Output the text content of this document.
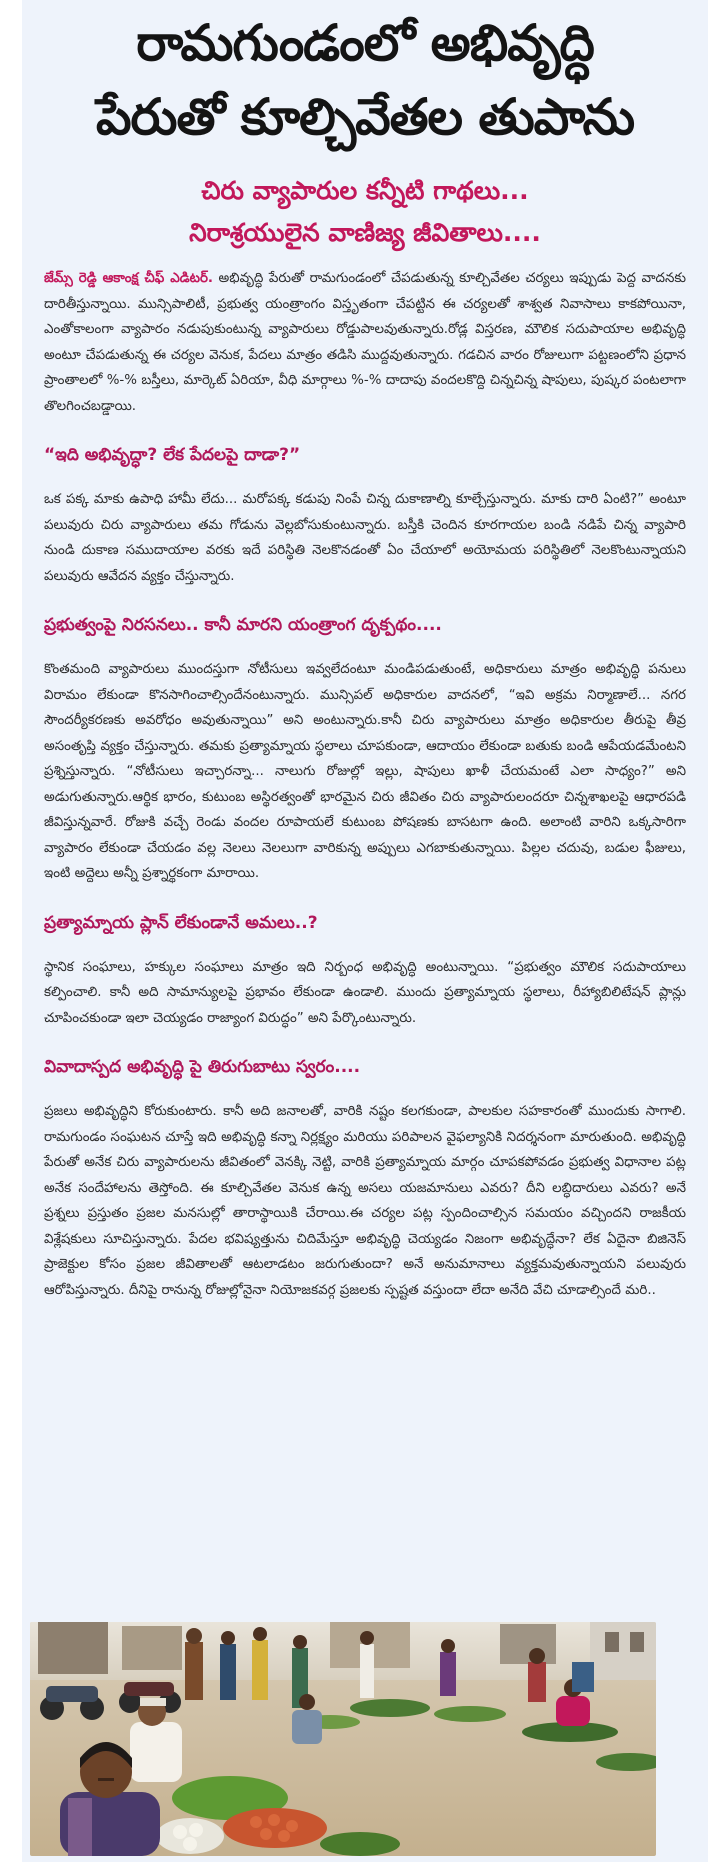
రామగుండంలో అభివృద్ధి
పేరుతో కూల్చివేతల తుపాను
చిరు వ్యాపారుల కన్నీటి గాథలు...
నిరాశ్రయులైన వాణిజ్య జీవితాలు....

జేమ్స్ రెడ్డి ఆకాంక్ష చీఫ్ ఎడిటర్. అభివృద్ధి పేరుతో రామగుండంలో చేపడుతున్న కూల్చివేతల చర్యలు ఇప్పుడు పెద్ద వాదనకు దారితీస్తున్నాయి. మున్సిపాలిటీ, ప్రభుత్వ యంత్రాంగం విస్తృతంగా చేపట్టిన ఈ చర్యలతో శాశ్వత నివాసాలు కాకపోయినా, ఎంతోకాలంగా వ్యాపారం నడుపుకుంటున్న వ్యాపారులు రోడ్డుపాలవుతున్నారు.రోడ్ల విస్తరణ, మౌలిక సదుపాయాల అభివృద్ధి అంటూ చేపడుతున్న ఈ చర్యల వెనుక, పేదలు మాత్రం తడిసి ముద్దవుతున్నారు. గడచిన వారం రోజులుగా పట్టణంలోని ప్రధాన ప్రాంతాలలో %-% బస్తీలు, మార్కెట్ ఏరియా, వీధి మార్గాలు %-% దాదాపు వందలకొద్ది చిన్నచిన్న షాపులు, పుష్కర పంటలాగా తొలగించబడ్డాయి.

“ఇది అభివృద్ధా? లేక పేదలపై దాడా?”

ఒక పక్క మాకు ఉపాధి హామీ లేదు... మరోపక్క కడుపు నింపే చిన్న దుకాణాల్ని కూల్చేస్తున్నారు. మాకు దారి ఏంటి?” అంటూ పలువురు చిరు వ్యాపారులు తమ గోడును వెల్లబోసుకుంటున్నారు. బస్తీకి చెందిన కూరగాయల బండి నడిపే చిన్న వ్యాపారి నుండి దుకాణ సముదాయాల వరకు ఇదే పరిస్థితి నెలకొనడంతో ఏం చేయాలో అయోమయ పరిస్థితిలో నెలకొంటున్నాయని పలువురు ఆవేదన వ్యక్తం చేస్తున్నారు.

ప్రభుత్వంపై నిరసనలు.. కానీ మారని యంత్రాంగ దృక్పథం....

కొంతమంది వ్యాపారులు ముందస్తుగా నోటీసులు ఇవ్వలేదంటూ మండిపడుతుంటే, అధికారులు మాత్రం అభివృద్ధి పనులు విరామం లేకుండా కొనసాగించాల్సిందేనంటున్నారు. మున్సిపల్ అధికారుల వాదనలో, “ఇవి అక్రమ నిర్మాణాలే... నగర సౌందర్యీకరణకు అవరోధం అవుతున్నాయి” అని అంటున్నారు.కానీ చిరు వ్యాపారులు మాత్రం అధికారుల తీరుపై తీవ్ర అసంతృప్తి వ్యక్తం చేస్తున్నారు. తమకు ప్రత్యామ్నాయ స్థలాలు చూపకుండా, ఆదాయం లేకుండా బతుకు బండి ఆపేయడమేంటని ప్రశ్నిస్తున్నారు. “నోటీసులు ఇచ్చారన్నా... నాలుగు రోజుల్లో ఇల్లు, షాపులు ఖాళీ చేయమంటే ఎలా సాధ్యం?” అని అడుగుతున్నారు.ఆర్థిక భారం, కుటుంబ అస్థిరత్వంతో భారమైన చిరు జీవితం చిరు వ్యాపారులందరూ చిన్నశాఖలపై ఆధారపడి జీవిస్తున్నవారే. రోజుకి వచ్చే రెండు వందల రూపాయలే కుటుంబ పోషణకు బాసటగా ఉంది. అలాంటి వారిని ఒక్కసారిగా వ్యాపారం లేకుండా చేయడం వల్ల నెలలు నెలలుగా వారికున్న అప్పులు ఎగబాకుతున్నాయి. పిల్లల చదువు, బడుల ఫీజులు, ఇంటి అద్దెలు అన్నీ ప్రశ్నార్థకంగా మారాయి.

ప్రత్యామ్నాయ ప్లాన్ లేకుండానే అమలు..?

స్థానిక సంఘాలు, హక్కుల సంఘాలు మాత్రం ఇది నిర్బంధ అభివృద్ధి అంటున్నాయి. “ప్రభుత్వం మౌలిక సదుపాయాలు కల్పించాలి. కానీ అది సామాన్యులపై ప్రభావం లేకుండా ఉండాలి. ముందు ప్రత్యామ్నాయ స్థలాలు, రీహ్యాబిలిటేషన్ ప్లాన్లు చూపించకుండా ఇలా చెయ్యడం రాజ్యాంగ విరుద్ధం” అని పేర్కొంటున్నారు.

వివాదాస్పద అభివృద్ధి పై తిరుగుబాటు స్వరం....

ప్రజలు అభివృద్ధిని కోరుకుంటారు. కానీ అది జనాలతో, వారికి నష్టం కలగకుండా, పాలకుల సహకారంతో ముందుకు సాగాలి. రామగుండం సంఘటన చూస్తే ఇది అభివృద్ధి కన్నా నిర్లక్ష్యం మరియు పరిపాలన వైఫల్యానికి నిదర్శనంగా మారుతుంది. అభివృద్ధి పేరుతో అనేక చిరు వ్యాపారులను జీవితంలో వెనక్కి నెట్టి, వారికి ప్రత్యామ్నాయ మార్గం చూపకపోవడం ప్రభుత్వ విధానాల పట్ల అనేక సందేహాలను తెస్తోంది. ఈ కూల్చివేతల వెనుక ఉన్న అసలు యజమానులు ఎవరు? దీని లబ్ధిదారులు ఎవరు? అనే ప్రశ్నలు ప్రస్తుతం ప్రజల మనసుల్లో తారాస్థాయికి చేరాయి.ఈ చర్యల పట్ల స్పందించాల్సిన సమయం వచ్చిందని రాజకీయ విశ్లేషకులు సూచిస్తున్నారు. పేదల భవిష్యత్తును చిదిమేస్తూ అభివృద్ధి చెయ్యడం నిజంగా అభివృద్ధేనా? లేక ఏదైనా బిజినెస్ ప్రాజెక్టుల కోసం ప్రజల జీవితాలతో ఆటలాడటం జరుగుతుందా? అనే అనుమానాలు వ్యక్తమవుతున్నాయని పలువురు ఆరోపిస్తున్నారు. దీనిపై రానున్న రోజుల్లోనైనా నియోజకవర్గ ప్రజలకు స్పష్టత వస్తుందా లేదా అనేది వేచి చూడాల్సిందే మరి..
